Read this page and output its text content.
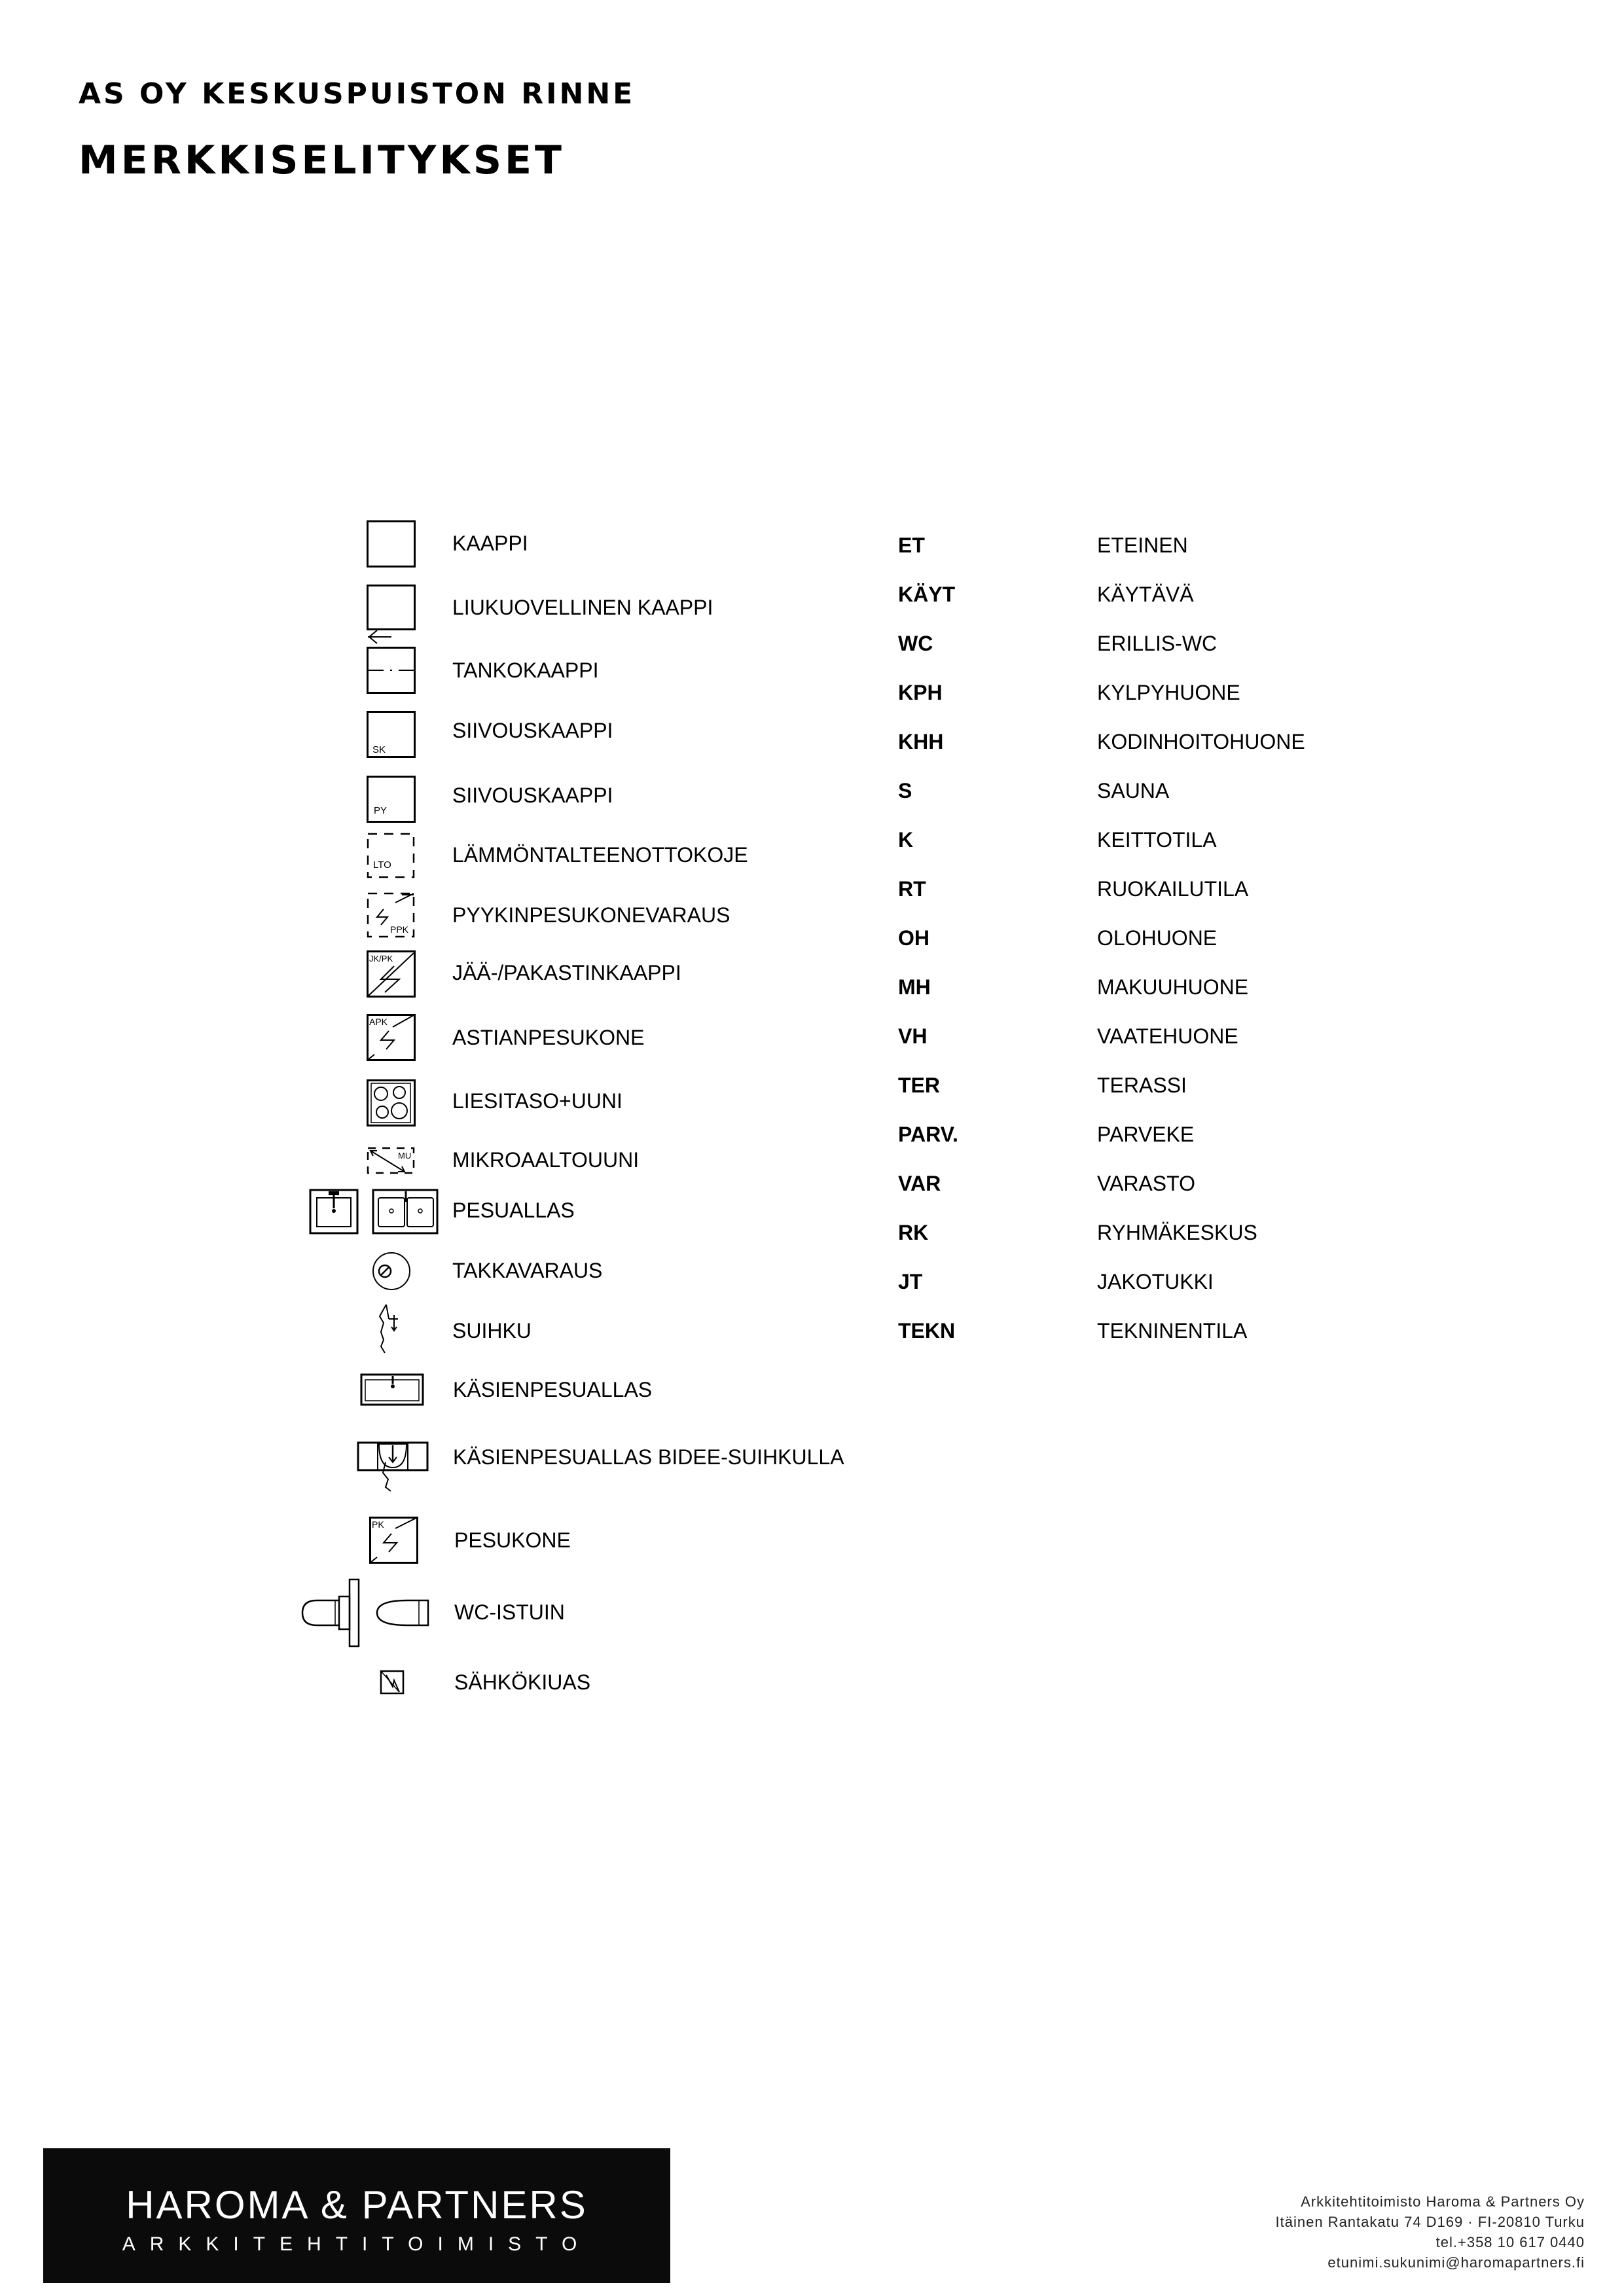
AS OY KESKUSPUISTON RINNE
MERKKISELITYKSET
KAAPPI
LIUKUOVELLINEN KAAPPI
TANKOKAAPPI
SK
SIIVOUSKAAPPI
PY
SIIVOUSKAAPPI
LTO	LÄMMÖNTALTEENOTTOKOJE
PPK
PYYKINPESUKONEVARAUS
JK/PK
JÄÄ-/PAKASTINKAAPPI
APK
ASTIANPESUKONE
LIESITASO+UUNI
MU MIKROAALTOUUNI
PESUALLAS
TAKKAVARAUS
SUIHKU
KÄSIENPESUALLAS
KÄSIENPESUALLAS BIDEE-SUIHKULLA
PK
PESUKONE
WC-ISTUIN
SÄHKÖKIUAS
ET	ETEINEN
KÄYT	KÄYTÄVÄ
WC	ERILLIS-WC
KPH	KYLPYHUONE
KHH	KODINHOITOHUONE
S	SAUNA
K	KEITTOTILA
RT	RUOKAILUTILA
OH	OLOHUONE
MH	MAKUUHUONE
VH	VAATEHUONE
TER	TERASSI
PARV.	PARVEKE
VAR	VARASTO
RK	RYHMÄKESKUS
JT	JAKOTUKKI
TEKN	TEKNINENTILA
HAROMA & PARTNERS
ARKKITEHTITOIMISTO
Arkkitehtitoimisto Haroma & Partners Oy
Itäinen Rantakatu 74 D169 · FI-20810 Turku
tel.+358 10 617 0440
etunimi.sukunimi@haromapartners.fi
